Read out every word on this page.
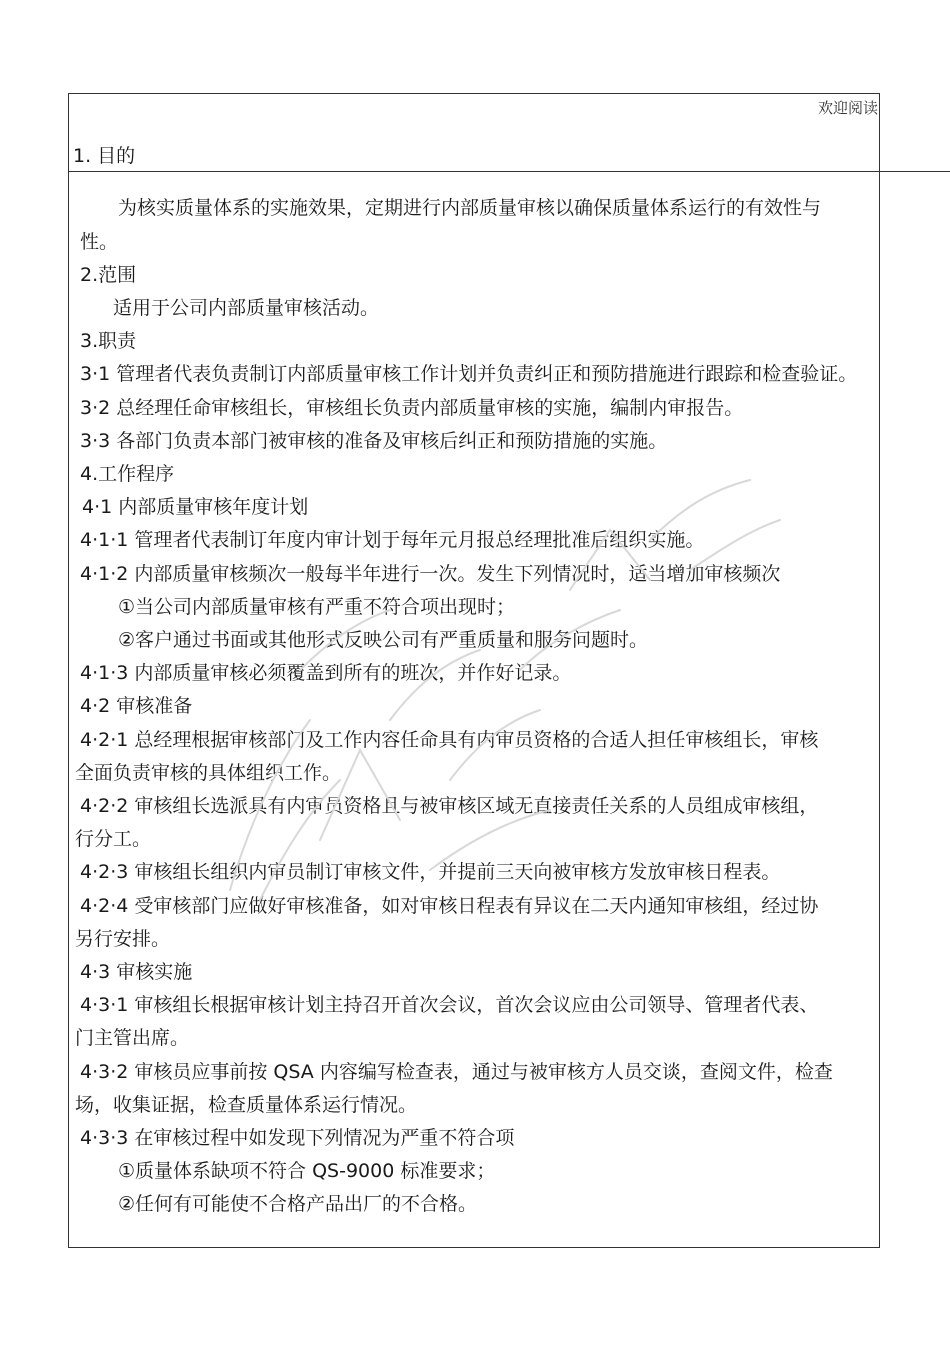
欢迎阅读
1. 目的
为核实质量体系的实施效果，定期进行内部质量审核以确保质量体系运行的有效性与
性。
2.范围
适用于公司内部质量审核活动。
3.职责
3·1 管理者代表负责制订内部质量审核工作计划并负责纠正和预防措施进行跟踪和检查验证。
3·2 总经理任命审核组长，审核组长负责内部质量审核的实施，编制内审报告。
3·3 各部门负责本部门被审核的准备及审核后纠正和预防措施的实施。
4.工作程序
4·1 内部质量审核年度计划
4·1·1 管理者代表制订年度内审计划于每年元月报总经理批准后组织实施。
4·1·2 内部质量审核频次一般每半年进行一次。发生下列情况时，适当增加审核频次
①当公司内部质量审核有严重不符合项出现时；
②客户通过书面或其他形式反映公司有严重质量和服务问题时。
4·1·3 内部质量审核必须覆盖到所有的班次，并作好记录。
4·2 审核准备
4·2·1 总经理根据审核部门及工作内容任命具有内审员资格的合适人担任审核组长，审核
全面负责审核的具体组织工作。
4·2·2 审核组长选派具有内审员资格且与被审核区域无直接责任关系的人员组成审核组，
行分工。
4·2·3 审核组长组织内审员制订审核文件，并提前三天向被审核方发放审核日程表。
4·2·4 受审核部门应做好审核准备，如对审核日程表有异议在二天内通知审核组，经过协
另行安排。
4·3 审核实施
4·3·1 审核组长根据审核计划主持召开首次会议，首次会议应由公司领导、管理者代表、
门主管出席。
4·3·2 审核员应事前按 QSA 内容编写检查表，通过与被审核方人员交谈，查阅文件，检查
场，收集证据，检查质量体系运行情况。
4·3·3 在审核过程中如发现下列情况为严重不符合项
①质量体系缺项不符合 QS-9000 标准要求；
②任何有可能使不合格产品出厂的不合格。
